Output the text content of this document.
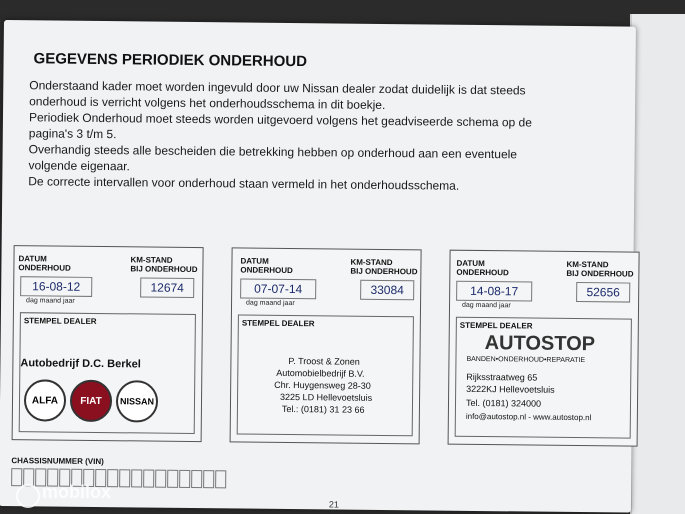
GEGEVENS PERIODIEK ONDERHOUD
Onderstaand kader moet worden ingevuld door uw Nissan dealer zodat duidelijk is dat steeds
onderhoud is verricht volgens het onderhoudsschema in dit boekje.
Periodiek Onderhoud moet steeds worden uitgevoerd volgens het geadviseerde schema op de
pagina's 3 t/m 5.
Overhandig steeds alle bescheiden die betrekking hebben op onderhoud aan een eventuele
volgende eigenaar.
De correcte intervallen voor onderhoud staan vermeld in het onderhoudsschema.
DATUM
ONDERHOUD
KM-STAND
BIJ ONDERHOUD
16-08-12	12674
dag maand jaar
STEMPEL DEALER
Autobedrijf D.C. Berkel
ALFA	FIAT	NISSAN
DATUM
ONDERHOUD
KM-STAND
BIJ ONDERHOUD
07-07-14	33084
dag maand jaar
STEMPEL DEALER
P. Troost & Zonen
Automobielbedrijf B.V.
Chr. Huygensweg 28-30
3225 LD Hellevoetsluis
Tel.: (0181) 31 23 66
DATUM
ONDERHOUD
KM-STAND
BIJ ONDERHOUD
14-08-17	52656
dag maand jaar
STEMPEL DEALER
AUTOSTOP
BANDEN•ONDERHOUD•REPARATIE
Rijksstraatweg 65
3222KJ Hellevoetsluis
Tel. (0181) 324000
info@autostop.nl - www.autostop.nl
CHASSISNUMMER (VIN)
21
mobilox
